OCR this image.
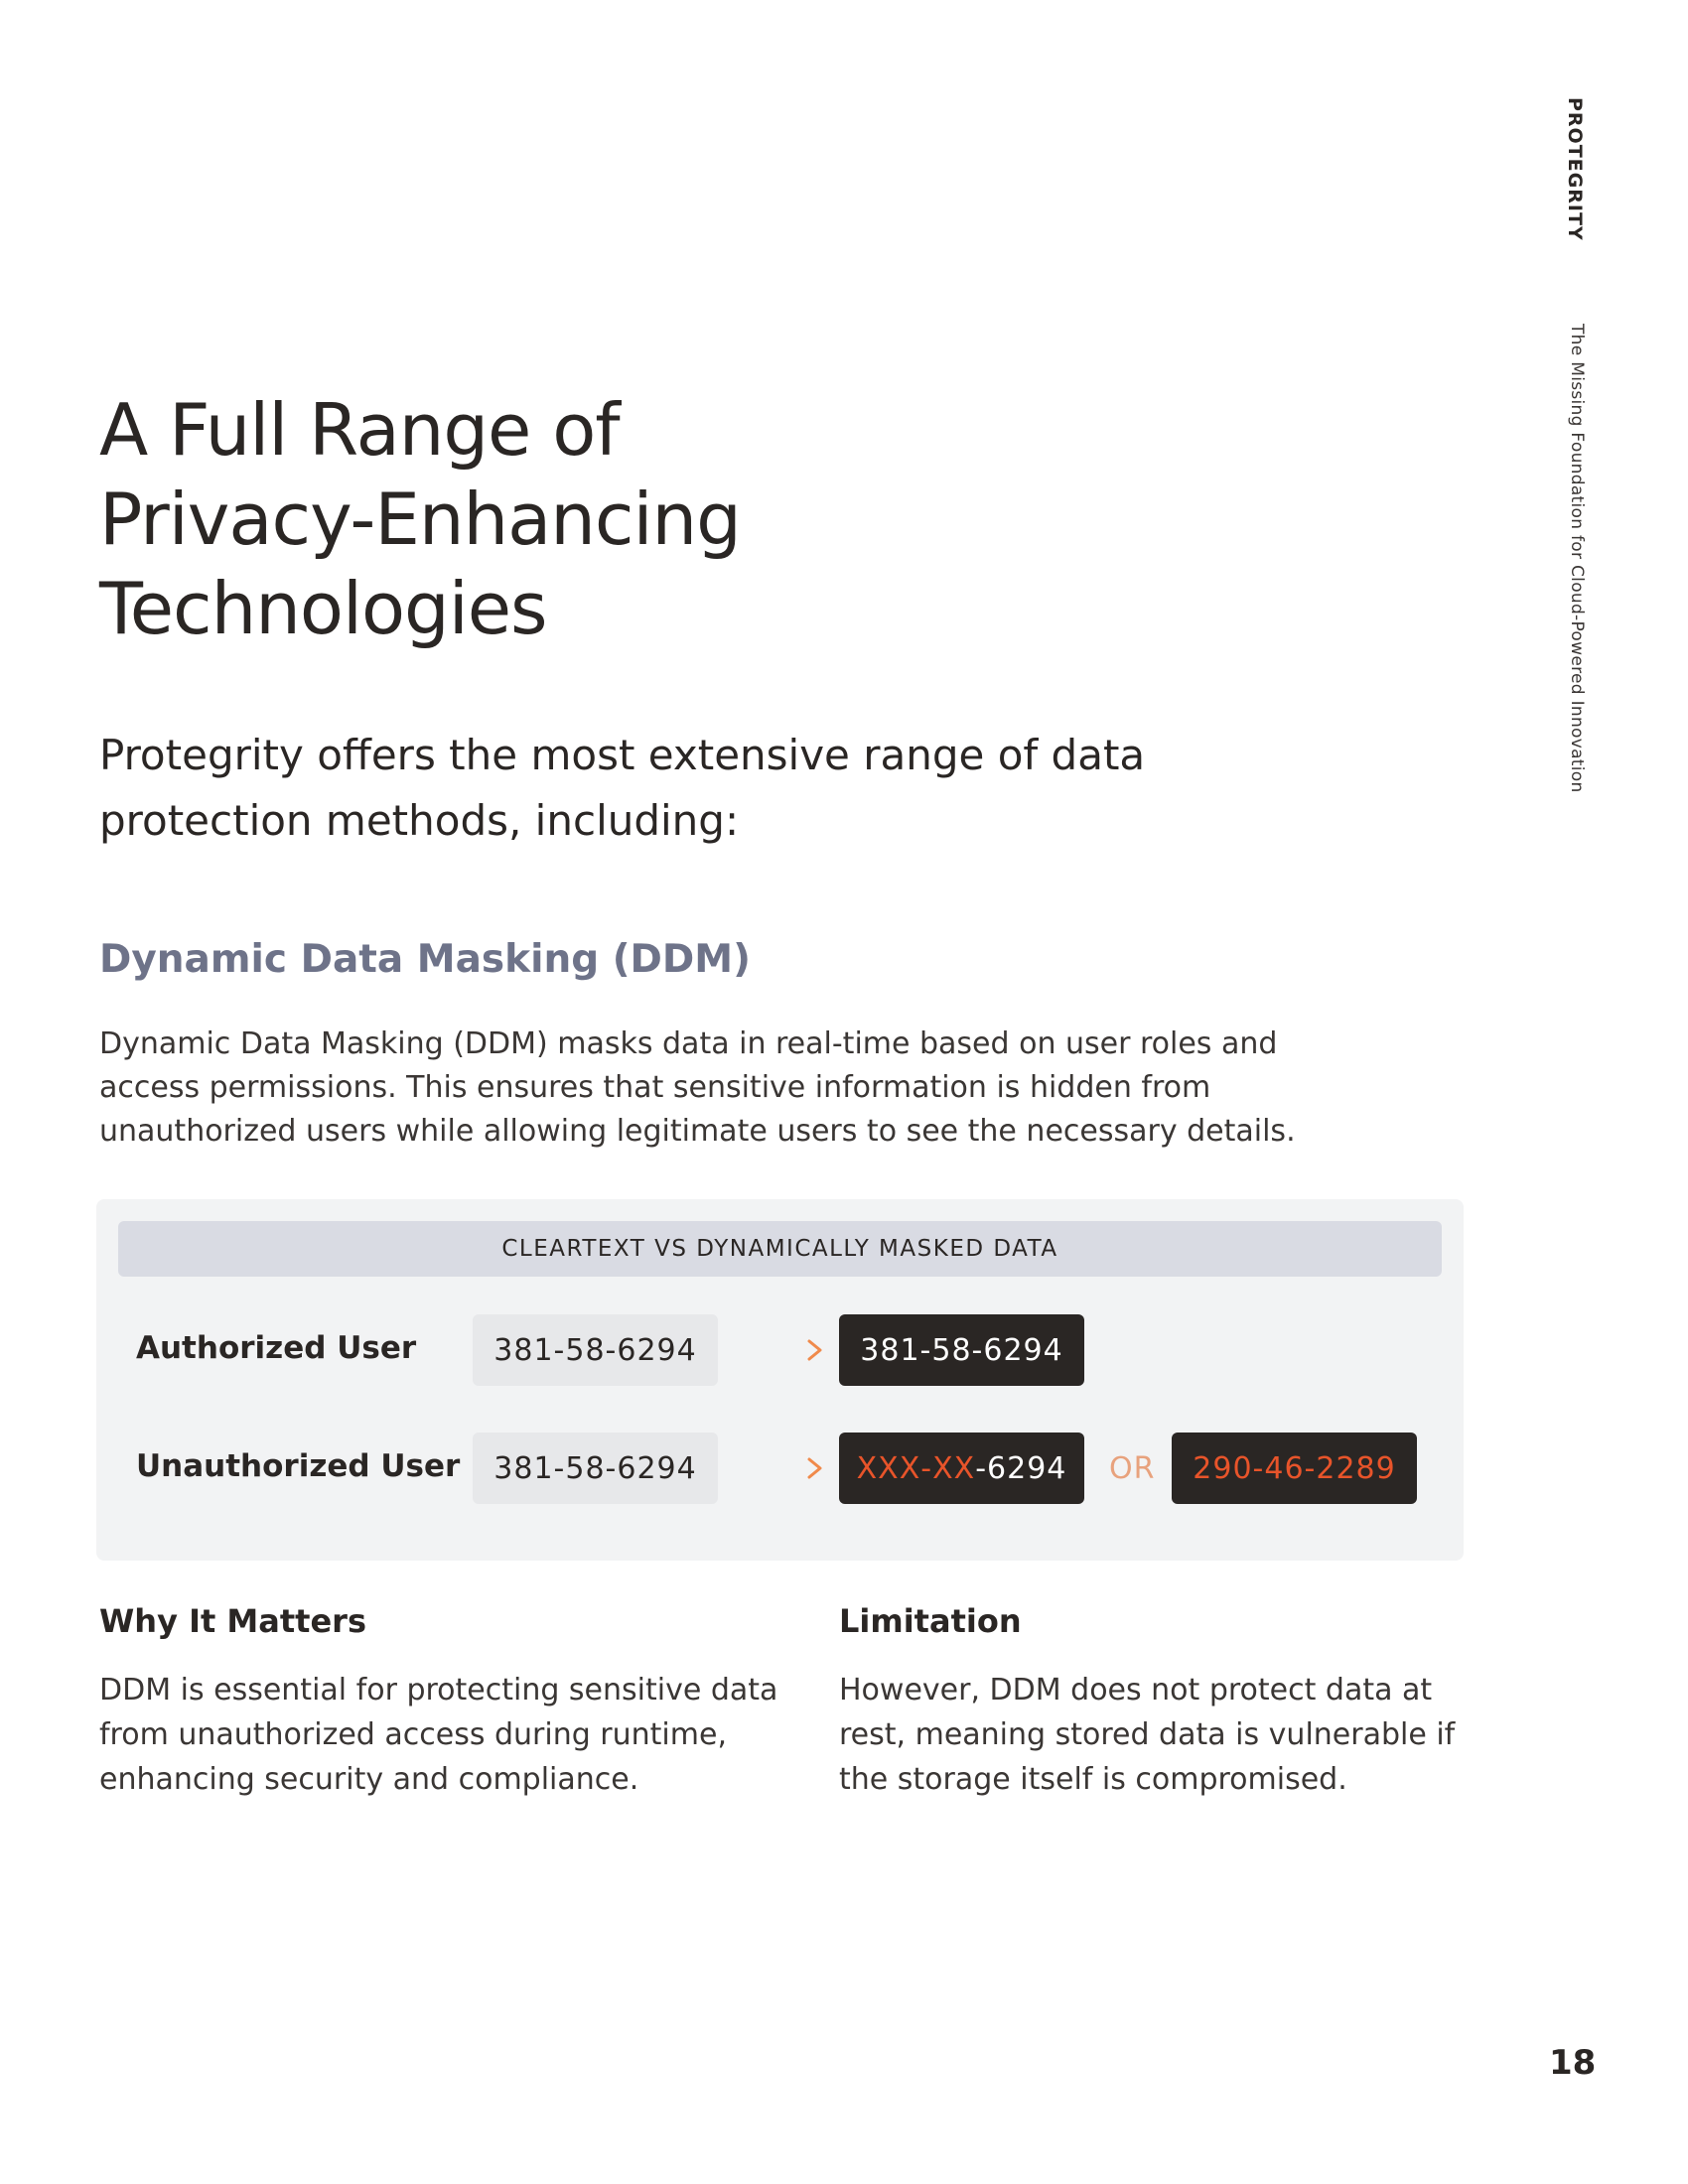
PROTEGRITY
The Missing Foundation for Cloud-Powered Innovation
A Full Range of
Privacy-Enhancing
Technologies

Protegrity offers the most extensive range of data
protection methods, including:

Dynamic Data Masking (DDM)

Dynamic Data Masking (DDM) masks data in real-time based on user roles and
access permissions. This ensures that sensitive information is hidden from
unauthorized users while allowing legitimate users to see the necessary details.

CLEARTEXT VS DYNAMICALLY MASKED DATA
Authorized User	381-58-6294	381-58-6294
Unauthorized User	381-58-6294	XXX - XX -6294 OR	290-46-2289
Why It Matters

DDM is essential for protecting sensitive data
from unauthorized access during runtime,
enhancing security and compliance.

Limitation

However, DDM does not protect data at
rest, meaning stored data is vulnerable if
the storage itself is compromised.

18
